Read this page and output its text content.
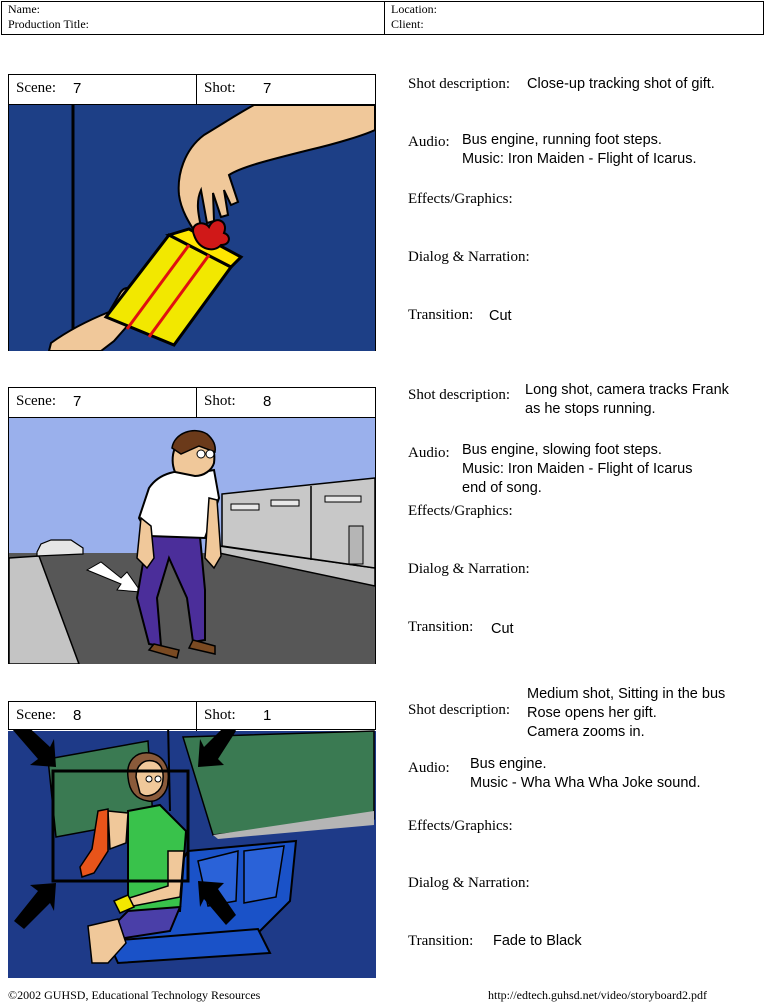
Name:
Production Title:
Location:
Client:
Scene: 7	Shot: 7	Shot description: Close-up tracking shot of gift.
Audio: Bus engine, running foot steps.
Music: Iron Maiden - Flight of Icarus.
Effects/Graphics:
Dialog & Narration:
Transition: Cut
Scene: 7	Shot: 8	Shot description: Long shot, camera tracks Frank
as he stops running.
Audio: Bus engine, slowing foot steps.
Music: Iron Maiden - Flight of Icarus
end of song.
Effects/Graphics:
Dialog & Narration:
Transition: Cut
Scene: 8	Shot: 1	Shot description:
Medium shot, Sitting in the bus
Rose opens her gift.
Camera zooms in.
Audio: Bus engine.
Music - Wha Wha Wha Joke sound.
Effects/Graphics:
Dialog & Narration:
Transition: Fade to Black
©2002 GUHSD, Educational Technology Resources	http://edtech.guhsd.net/video/storyboard2.pdf
